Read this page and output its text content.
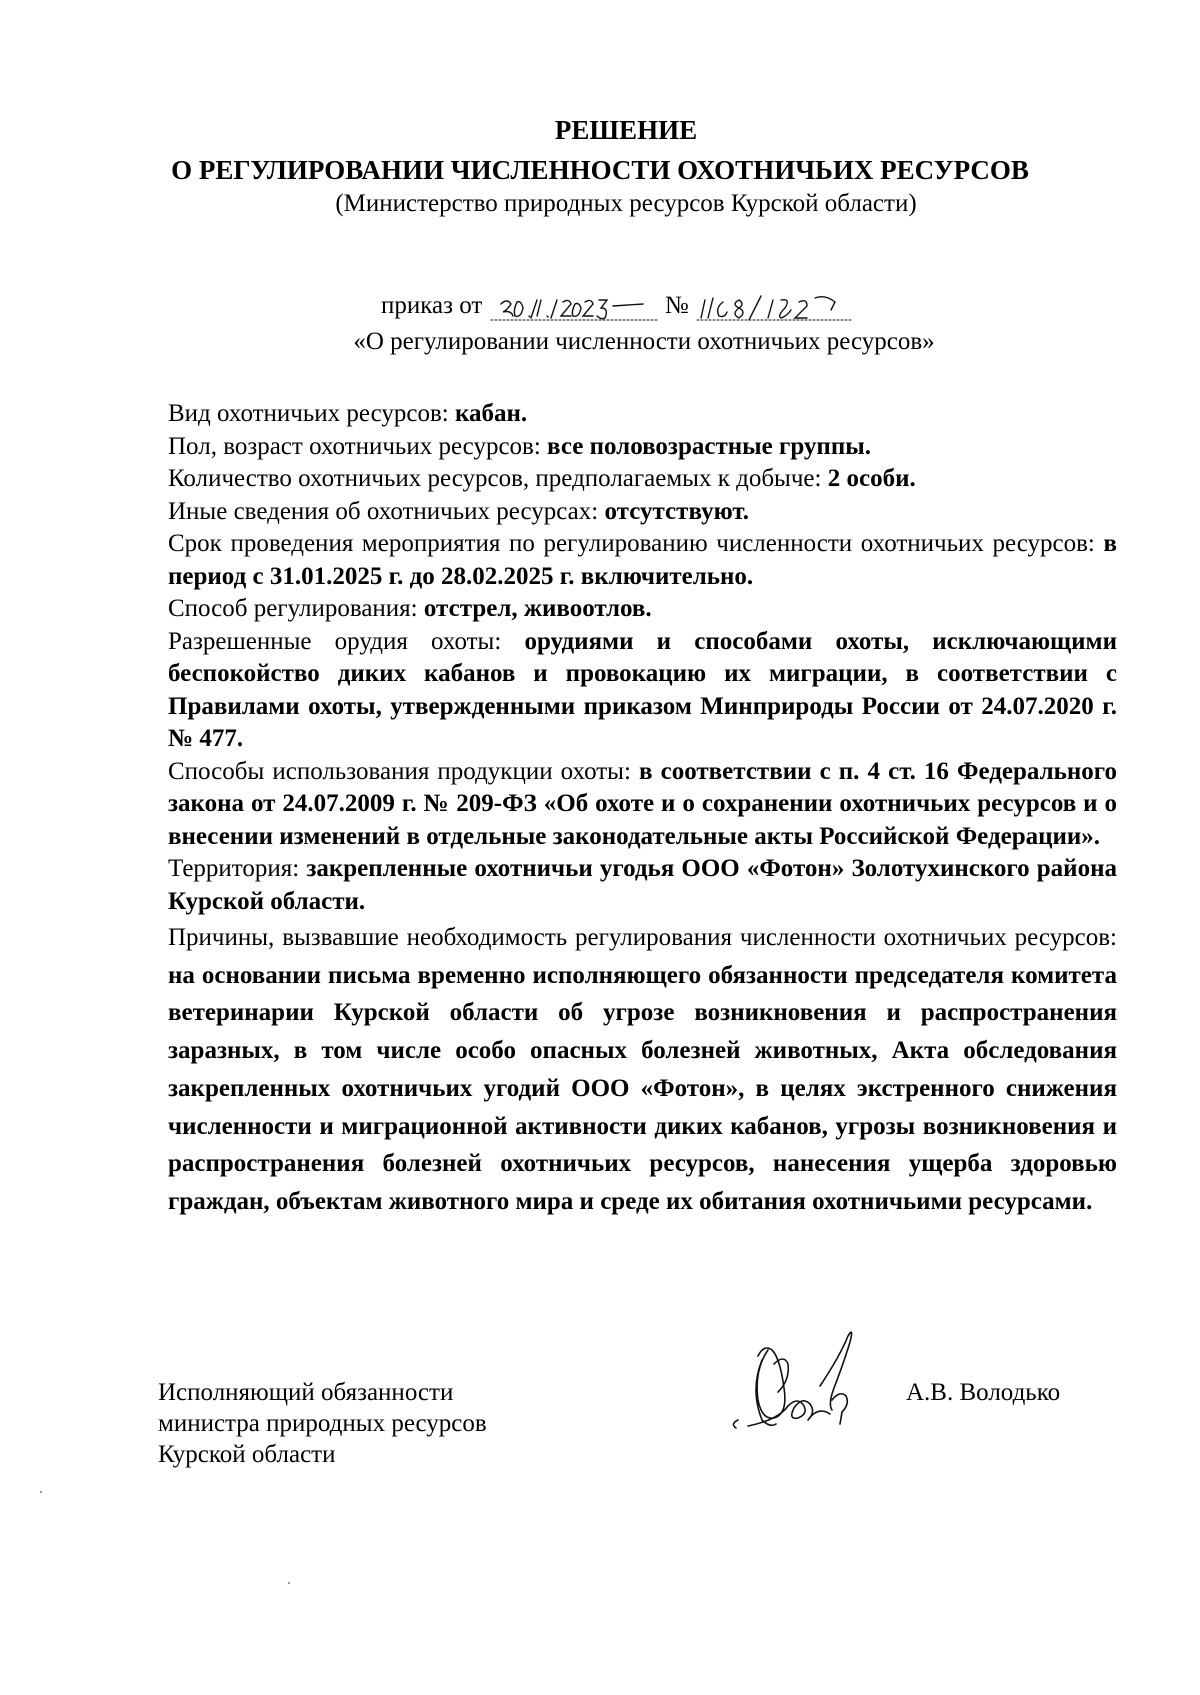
РЕШЕНИЕ
О РЕГУЛИРОВАНИИ ЧИСЛЕННОСТИ ОХОТНИЧЬИХ РЕСУРСОВ
(Министерство природных ресурсов Курской области)
приказ от	№
«О регулировании численности охотничьих ресурсов»

Вид охотничьих ресурсов: кабан.

Пол, возраст охотничьих ресурсов: все половозрастные группы.

Количество охотничьих ресурсов, предполагаемых к добыче: 2 особи.

Иные сведения об охотничьих ресурсах: отсутствуют.

Срок проведения мероприятия по регулированию численности охотничьих ресурсов: в период с 31.01.2025 г. до 28.02.2025 г. включительно.

Способ регулирования: отстрел, живоотлов.

Разрешенные орудия охоты: орудиями и способами охоты, исключающими беспокойство диких кабанов и провокацию их миграции, в соответствии с Правилами охоты, утвержденными приказом Минприроды России от 24.07.2020 г. № 477.

Способы использования продукции охоты: в соответствии с п. 4 ст. 16 Федерального закона от 24.07.2009 г. № 209-ФЗ «Об охоте и о сохранении охотничьих ресурсов и о внесении изменений в отдельные законодательные акты Российской Федерации».

Территория: закрепленные охотничьи угодья ООО «Фотон» Золотухинского района Курской области.

Причины, вызвавшие необходимость регулирования численности охотничьих ресурсов: на основании письма временно исполняющего обязанности председателя комитета ветеринарии Курской области об угрозе возникновения и распространения заразных, в том числе особо опасных болезней животных, Акта обследования закрепленных охотничьих угодий ООО «Фотон», в целях экстренного снижения численности и миграционной активности диких кабанов, угрозы возникновения и распространения болезней охотничьих ресурсов, нанесения ущерба здоровью граждан, объектам животного мира и среде их обитания охотничьими ресурсами.

Исполняющий обязанности
министра природных ресурсов
Курской области
А.В. Володько
